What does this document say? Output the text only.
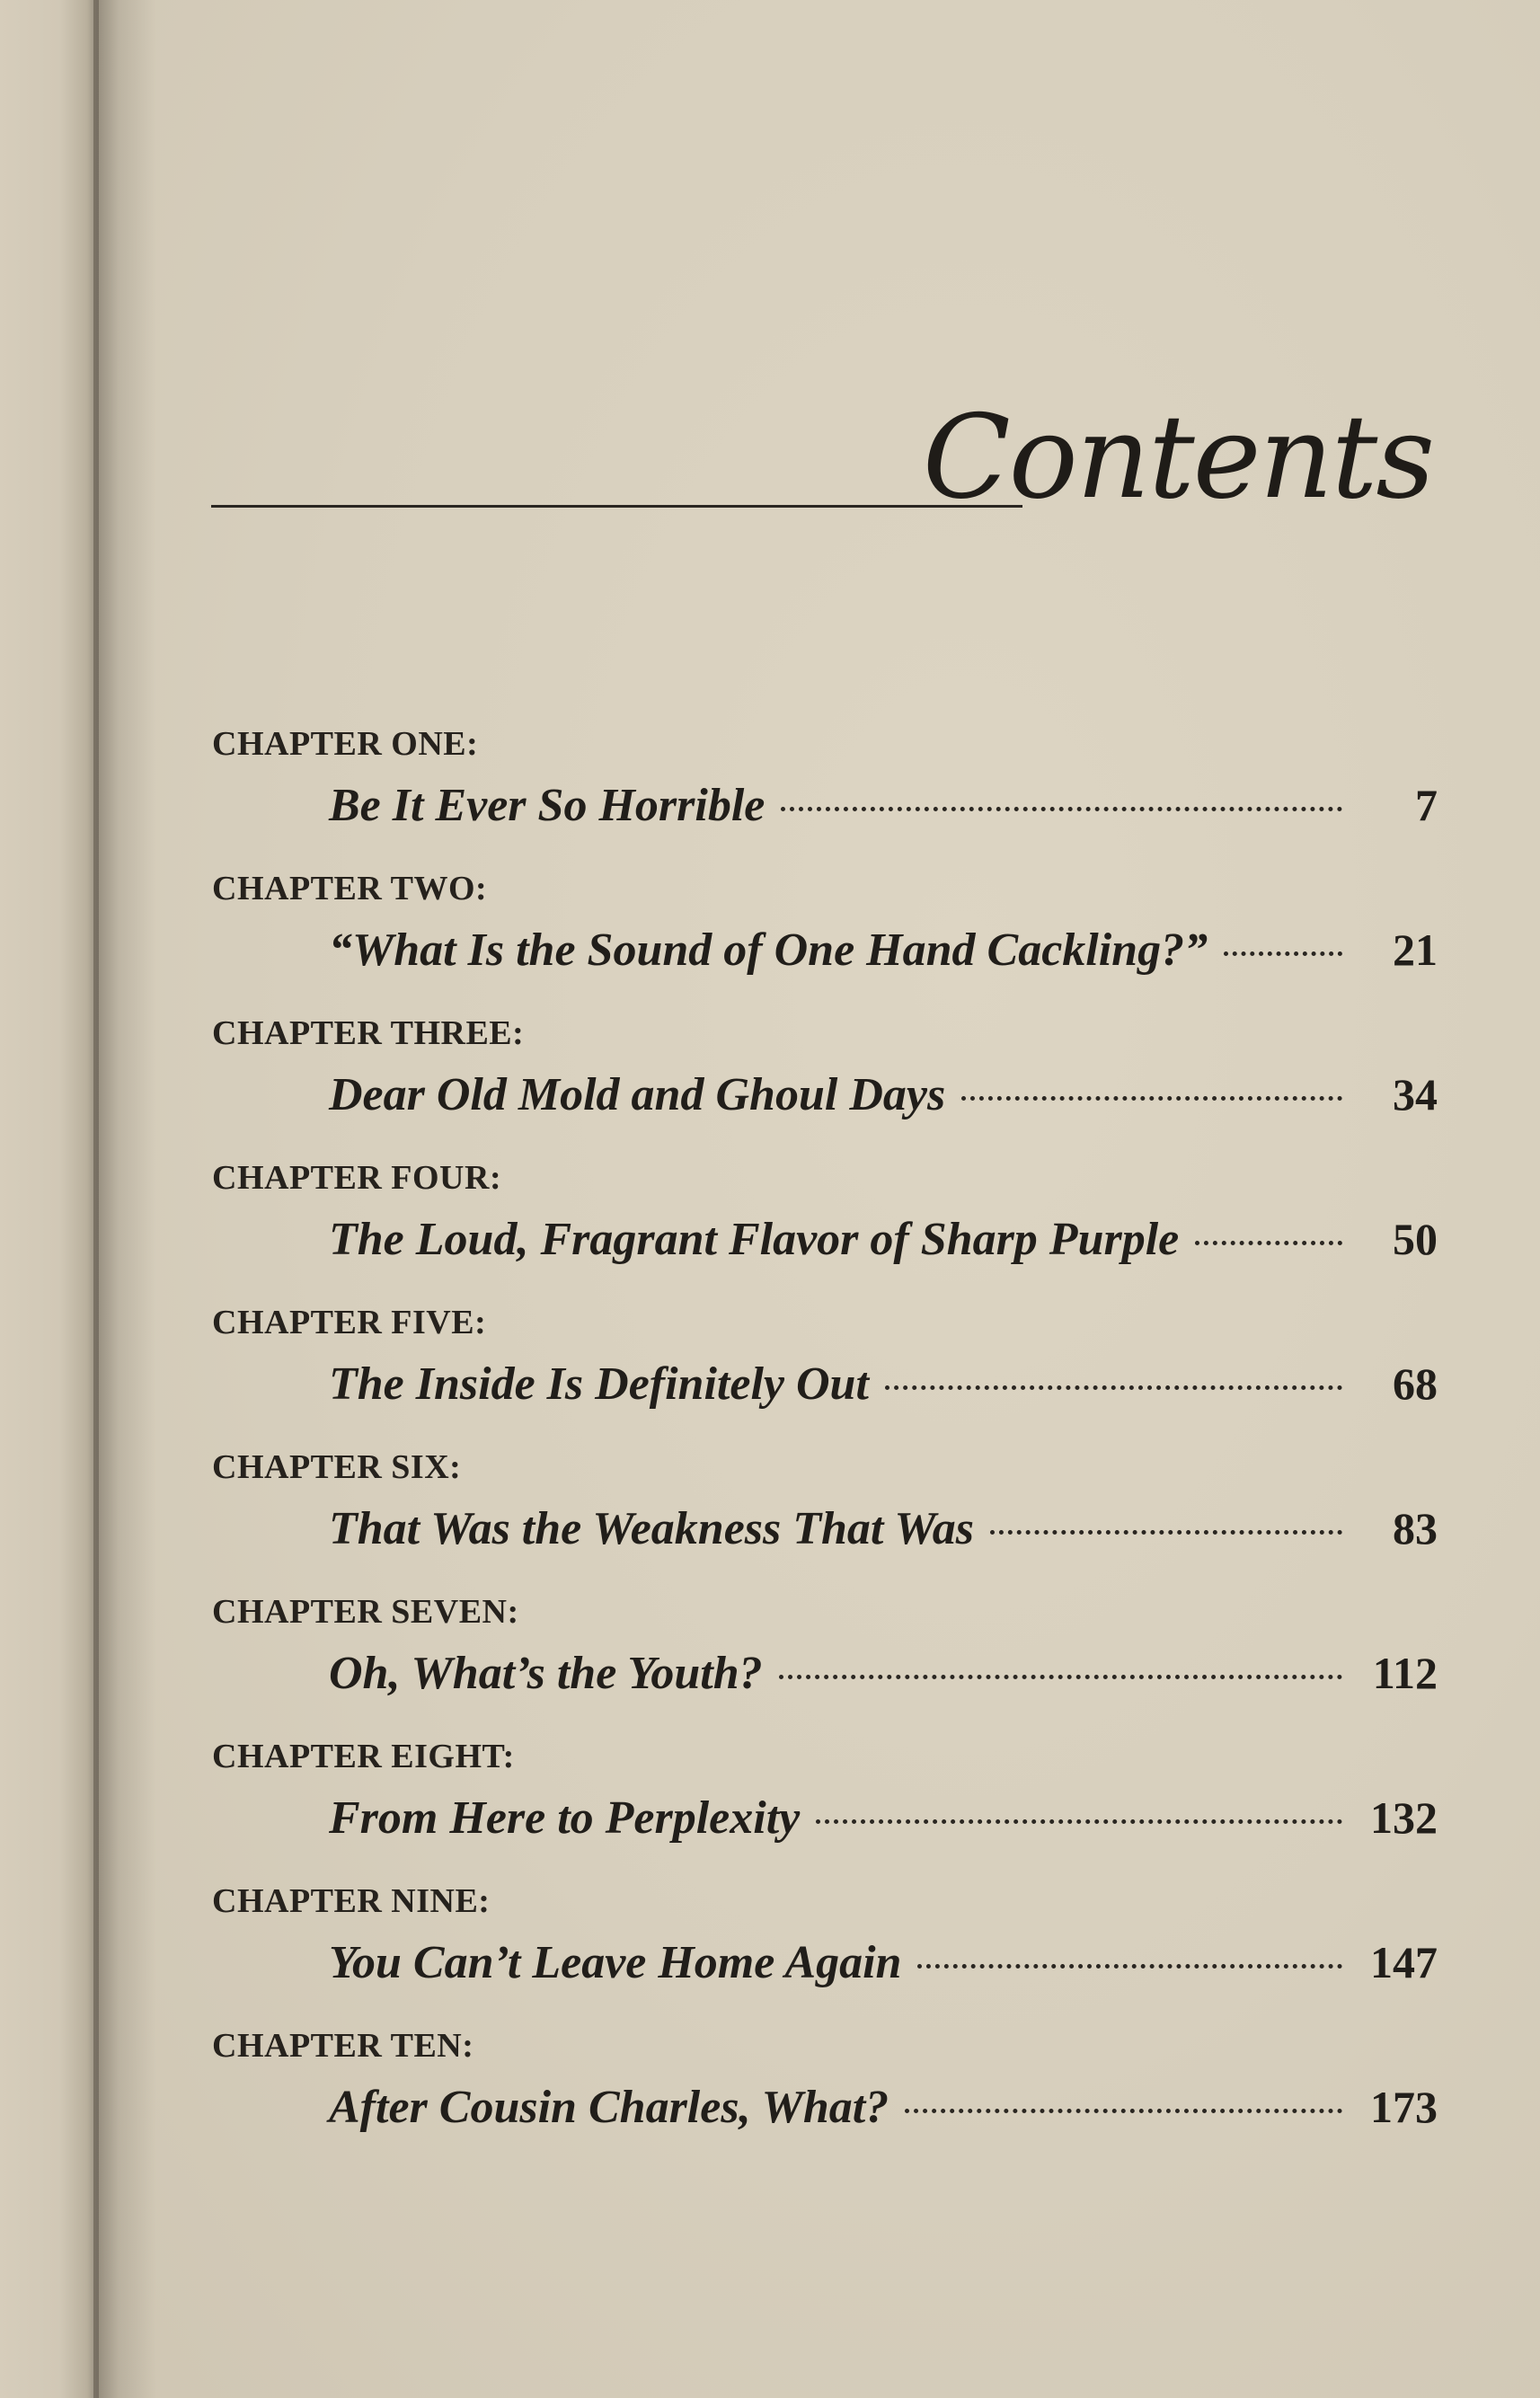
Contents
CHAPTER ONE:
Be It Ever So Horrible	7
CHAPTER TWO:
“What Is the Sound of One Hand Cackling?”	21
CHAPTER THREE:
Dear Old Mold and Ghoul Days	34
CHAPTER FOUR:
The Loud, Fragrant Flavor of Sharp Purple	50
CHAPTER FIVE:
The Inside Is Definitely Out	68
CHAPTER SIX:
That Was the Weakness That Was	83
CHAPTER SEVEN:
Oh, What’s the Youth?	112
CHAPTER EIGHT:
From Here to Perplexity	132
CHAPTER NINE:
You Can’t Leave Home Again	147
CHAPTER TEN:
After Cousin Charles, What?	173
